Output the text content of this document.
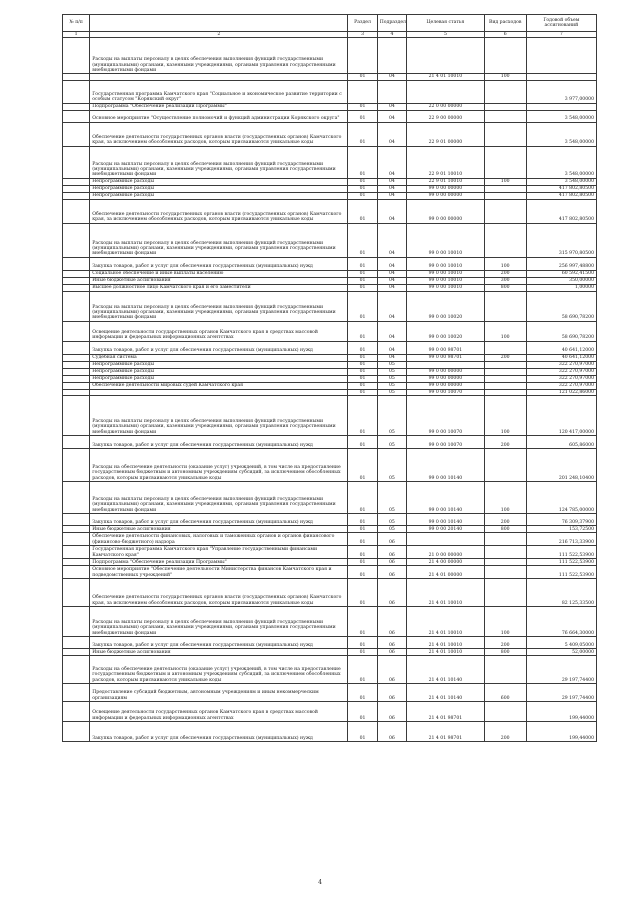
№ п/п		Раздел	Подраздел	Целевая статья	Вид расходов	Годовой объем ассигнований
1	2	3	4	5	6	7
	Расходы на выплаты персоналу в целях обеспечения выполнения функций государственными (муниципальными) органами, казенными учреждениями, органами управления государственными внебюджетными фондами					
		01	04	21 4 01 10010	100	
	Государственная программа Камчатского края "Социальное и экономическое развитие территории с особым статусом "Корякский округ"					3 977,00000
	Подпрограмма "Обеспечение реализации Программы"	01	04	22 0 00 00000		
	Основное мероприятие "Осуществление полномочий и функций администрации Корякского округа"	01	04	22 9 00 00000		3 548,00000
	Обеспечение деятельности государственных органов власти (государственных органов) Камчатского края, за исключением обособленных расходов, которым присваиваются уникальные коды	01	04	22 9 01 00000		3 548,00000
	Расходы на выплаты персоналу в целях обеспечения выполнения функций государственными (муниципальными) органами, казенными учреждениями, органами управления государственными внебюджетными фондами	01	04	22 9 01 10010		3 548,00000
	Непрограммные расходы	01	04	22 9 01 10010	100	3 548,00000
	Непрограммные расходы	01	04	99 0 00 00000		417 802,80500
	Непрограммные расходы	01	04	99 0 00 00000		417 802,80500
	Обеспечение деятельности государственных органов власти (государственных органов) Камчатского края, за исключением обособленных расходов, которым присваиваются уникальные коды	01	04	99 0 00 00000		417 802,80500
	Расходы на выплаты персоналу в целях обеспечения выполнения функций государственными (муниципальными) органами, казенными учреждениями, органами управления государственными внебюджетными фондами	01	04	99 0 00 10010		315 970,80500
	Закупка товаров, работ и услуг для обеспечения государственных (муниципальных) нужд	01	04	99 0 00 10010	100	256 997,48800
	Социальное обеспечение и иные выплаты населению	01	04	99 0 00 10010	200	60 592,41500
	Иные бюджетные ассигнования	01	04	99 0 00 10010	300	350,00000
	Высшее должностное лицо Камчатского края и его заместители	01	04	99 0 00 10010	800	1,00000
	Расходы на выплаты персоналу в целях обеспечения выполнения функций государственными (муниципальными) органами, казенными учреждениями, органами управления государственными внебюджетными фондами	01	04	99 0 00 10020		58 690,78200
	Освещение деятельности государственных органов Камчатского края в средствах массовой информации и федеральных информационных агентствах	01	04	99 0 00 10020	100	58 690,78200
	Закупка товаров, работ и услуг для обеспечения государственных (муниципальных) нужд	01	04	99 0 00 98701		40 641,12000
	Судебная система	01	04	99 0 00 98701	200	40 641,12000
	Непрограммные расходы	01	05			322 270,97000
	Непрограммные расходы	01	05	99 0 00 00000		322 270,97000
	Непрограммные расходы	01	05	99 0 00 00000		322 270,97000
	Обеспечение деятельности мировых судей Камчатского края	01	05	99 0 00 00000		322 270,97000
		01	05	99 0 00 10070		121 022,86000
	Расходы на выплаты персоналу в целях обеспечения выполнения функций государственными (муниципальными) органами, казенными учреждениями, органами управления государственными внебюджетными фондами	01	05	99 0 00 10070	100	120 417,00000
	Закупка товаров, работ и услуг для обеспечения государственных (муниципальных) нужд	01	05	99 0 00 10070	200	605,86000
	Расходы на обеспечение деятельности (оказание услуг) учреждений, в том числе на предоставление государственным бюджетным и автономным учреждениям субсидий, за исключением обособленных расходов, которым присваиваются уникальные коды	01	05	99 0 00 10140		201 248,10400
	Расходы на выплаты персоналу в целях обеспечения выполнения функций государственными (муниципальными) органами, казенными учреждениями, органами управления государственными внебюджетными фондами	01	05	99 0 00 10140	100	124 785,00000
	Закупка товаров, работ и услуг для обеспечения государственных (муниципальных) нужд	01	05	99 0 00 10140	200	76 309,37900
	Иные бюджетные ассигнования	01	05	99 0 00 20140	800	153,72500
	Обеспечение деятельности финансовых, налоговых и таможенных органов и органов финансового (финансово-бюджетного) надзора	01	06			216 713,33900
	Государственная программа Камчатского края "Управление государственными финансами Камчатского края"	01	06	21 0 00 00000		111 522,53900
	Подпрограмма "Обеспечение реализации Программы"	01	06	21 4 00 00000		111 522,53900
	Основное мероприятие "Обеспечение деятельности Министерства финансов Камчатского края и подведомственных учреждений"	01	06	21 4 01 00000		111 522,53900
	Обеспечение деятельности государственных органов власти (государственных органов) Камчатского края, за исключением обособленных расходов, которым присваиваются уникальные коды	01	06	21 4 01 10010		82 125,33500
	Расходы на выплаты персоналу в целях обеспечения выполнения функций государственными (муниципальными) органами, казенными учреждениями, органами управления государственными внебюджетными фондами	01	06	21 4 01 10010	100	76 664,30000
	Закупка товаров, работ и услуг для обеспечения государственных (муниципальных) нужд	01	06	21 4 01 10010	200	5 409,05000
	Иные бюджетные ассигнования	01	06	21 4 01 10010	800	52,00000
	Расходы на обеспечение деятельности (оказание услуг) учреждений, в том числе на предоставление государственным бюджетным и автономным учреждениям субсидий, за исключением обособленных расходов, которым присваиваются уникальные коды	01	06	21 4 01 10140		29 197,74400
	Предоставление субсидий бюджетным, автономным учреждениям и иным некоммерческим организациям	01	06	21 4 01 10140	600	29 197,74400
	Освещение деятельности государственных органов Камчатского края в средствах массовой информации и федеральных информационных агентствах	01	06	21 4 01 98701		199,44000
	Закупка товаров, работ и услуг для обеспечения государственных (муниципальных) нужд	01	06	21 4 01 98701	200	199,44000
4
